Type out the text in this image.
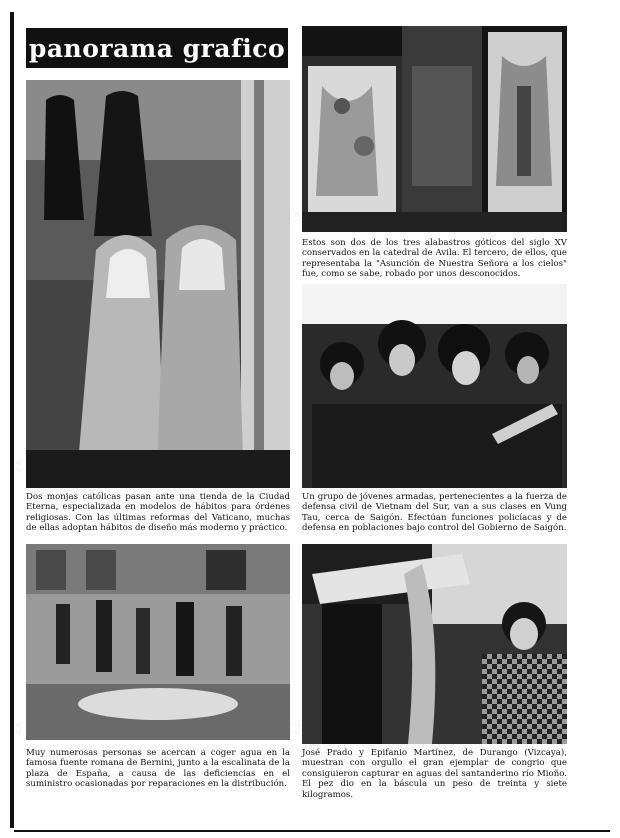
panorama grafico
C.B.
Estos son dos de los tres alabastros góticos del siglo XV conservados en la catedral de Avila. El tercero, de ellos, que representaba la "Asunción de Nuestra Señora a los cielos" fue, como se sabe, robado por unos desconocidos.
C.B.
Dos monjas católicas pasan ante una tienda de la Ciudad Eterna, especializada en modelos de hábitos para órdenes religiosas. Con las últimas reformas del Vaticano, muchas de ellas adoptan hábitos de diseño más moderno y práctico.
Un grupo de jóvenes armadas, pertenecientes a la fuerza de defensa civil de Vietnam del Sur, van a sus clases en Vung Tau, cerca de Saigón. Efectúan funciones policíacas y de defensa en poblaciones bajo control del Gobierno de Saigón.
C.B.	C.B.
Muy numerosas personas se acercan a coger agua en la famosa fuente romana de Bernini, junto a la escalinata de la plaza de España, a causa de las deficiencias en el suministro ocasionadas por reparaciones en la distribución.
José Prado y Epifanio Martínez, de Durango (Vizcaya), muestran con orgullo el gran ejemplar de congrio que consiguieron capturar en aguas del santanderino río Mioño. El pez dio en la báscula un peso de treinta y siete kilogramos.
